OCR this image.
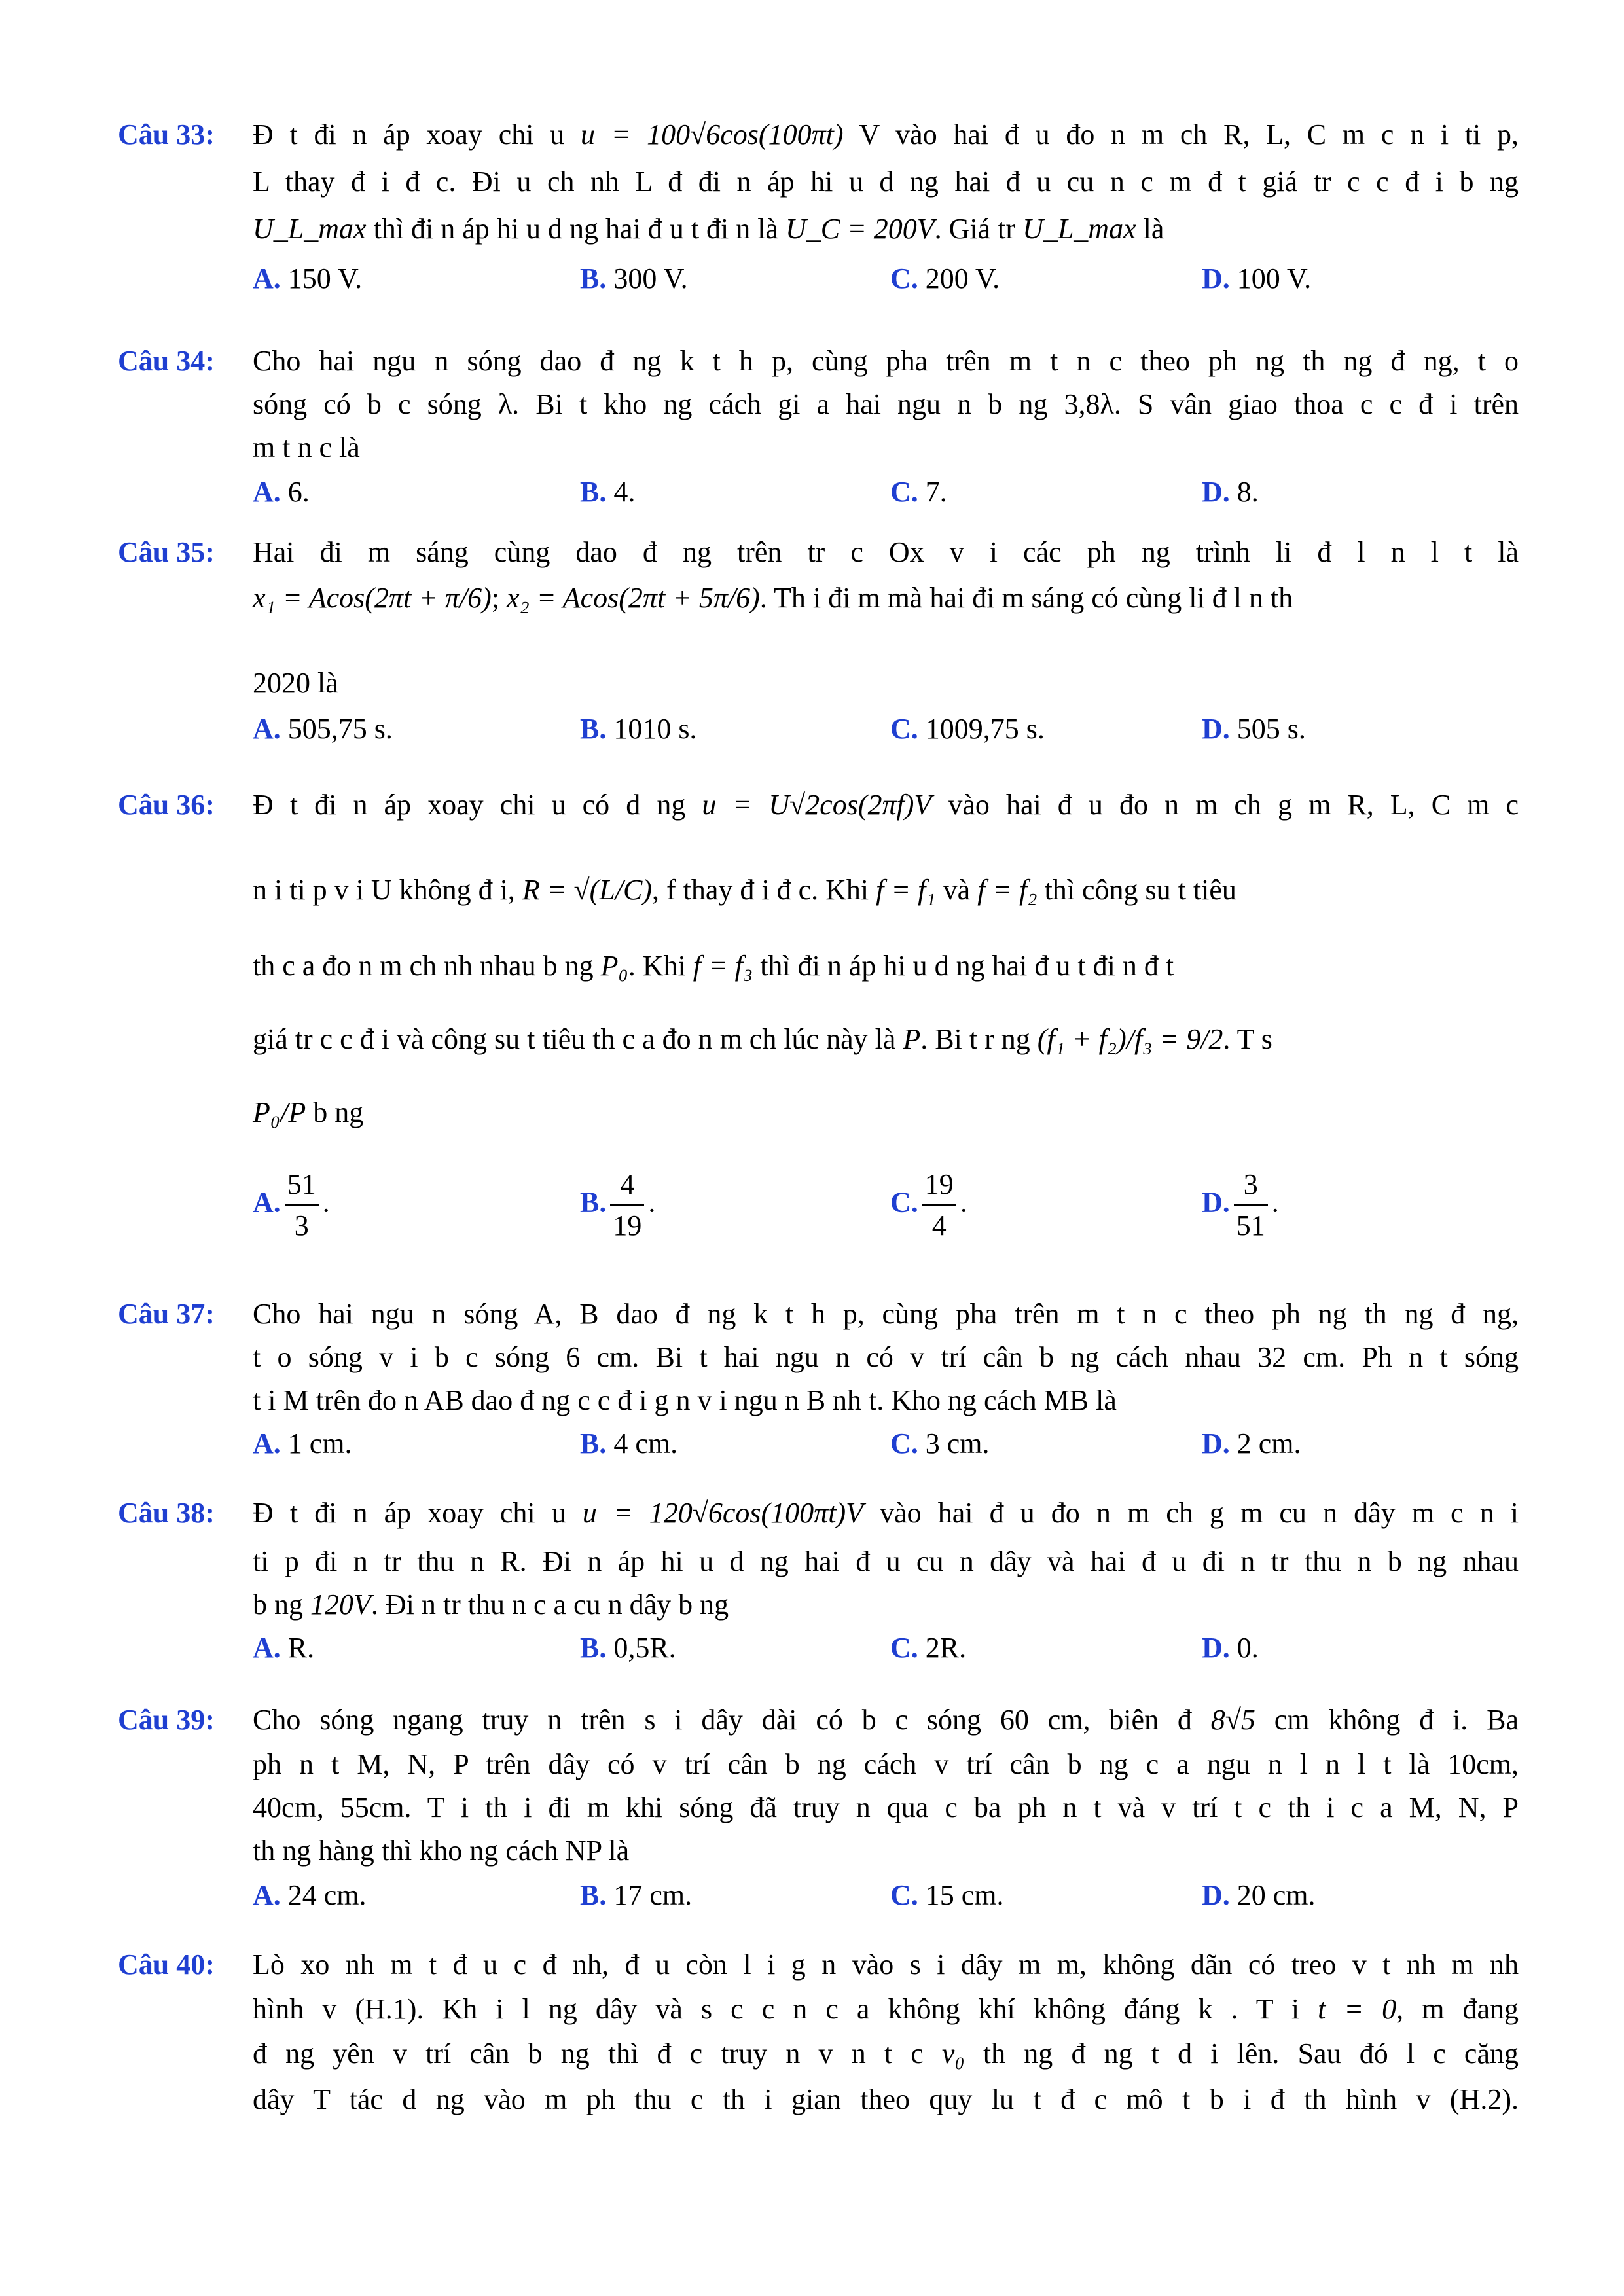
Câu 33: Đ t đi n áp xoay chi u u = 100√6cos(100πt) V vào hai đ u đo n m ch R, L, C m c n i ti p,
L thay đ i đ c. Đi u ch nh L đ đi n áp hi u d ng hai đ u cu n c m đ t giá tr c c đ i b ng
U_L_max thì đi n áp hi u d ng hai đ u t đi n là U_C = 200V. Giá tr U_L_max là
A. 150 V.	B. 300 V.	C. 200 V.	D. 100 V.
Câu 34: Cho hai ngu n sóng dao đ ng k t h p, cùng pha trên m t n c theo ph ng th ng đ ng, t o
sóng có b c sóng λ. Bi t kho ng cách gi a hai ngu n b ng 3,8λ. S vân giao thoa c c đ i trên
m t n c là
A. 6.	B. 4.	C. 7.	D. 8.
Câu 35: Hai đi m sáng cùng dao đ ng trên tr c Ox v i các ph ng trình li đ l n l t là
x₁ = Acos(2πt + π/6); x₂ = Acos(2πt + 5π/6). Th i đi m mà hai đi m sáng có cùng li đ l n th
2020 là
A. 505,75 s.	B. 1010 s.	C. 1009,75 s.	D. 505 s.
Câu 36: Đ t đi n áp xoay chi u có d ng u = U√2cos(2πf)V vào hai đ u đo n m ch g m R, L, C m c
n i ti p v i U không đ i, R = √(L/C), f thay đ i đ c. Khi f = f₁ và f = f₂ thì công su t tiêu
th c a đo n m ch nh nhau b ng P₀. Khi f = f₃ thì đi n áp hi u d ng hai đ u t đi n đ t
giá tr c c đ i và công su t tiêu th c a đo n m ch lúc này là P. Bi t r ng (f₁ + f₂)/f₃ = 9/2. T s
P₀/P b ng
A. $\frac{51}{3}$ .	B. $\frac{4}{19}$ .	C. $\frac{19}{4}$ .	D. $\frac{3}{51}$ .
Câu 37: Cho hai ngu n sóng A, B dao đ ng k t h p, cùng pha trên m t n c theo ph ng th ng đ ng,
t o sóng v i b c sóng 6 cm. Bi t hai ngu n có v trí cân b ng cách nhau 32 cm. Ph n t sóng
t i M trên đo n AB dao đ ng c c đ i g n v i ngu n B nh t. Kho ng cách MB là
A. 1 cm.	B. 4 cm.	C. 3 cm.	D. 2 cm.
Câu 38: Đ t đi n áp xoay chi u u = 120√6cos(100πt)V vào hai đ u đo n m ch g m cu n dây m c n i
ti p đi n tr thu n R. Đi n áp hi u d ng hai đ u cu n dây và hai đ u đi n tr thu n b ng nhau
b ng 120V. Đi n tr thu n c a cu n dây b ng
A. R.	B. 0,5R.	C. 2R.	D. 0.
Câu 39: Cho sóng ngang truy n trên s i dây dài có b c sóng 60 cm, biên đ 8√5 cm không đ i. Ba
ph n t M, N, P trên dây có v trí cân b ng cách v trí cân b ng c a ngu n l n l t là 10cm,
40cm, 55cm. T i th i đi m khi sóng đã truy n qua c ba ph n t và v trí t c th i c a M, N, P
th ng hàng thì kho ng cách NP là
A. 24 cm.	B. 17 cm.	C. 15 cm.	D. 20 cm.
Câu 40: Lò xo nh m t đ u c đ nh, đ u còn l i g n vào s i dây m m, không dãn có treo v t nh m nh
hình v (H.1). Kh i l ng dây và s c c n c a không khí không đáng k . T i t = 0, m đang
đ ng yên v trí cân b ng thì đ c truy n v n t c v₀ th ng đ ng t d i lên. Sau đó l c căng
dây T tác d ng vào m ph thu c th i gian theo quy lu t đ c mô t b i đ th hình v (H.2).
